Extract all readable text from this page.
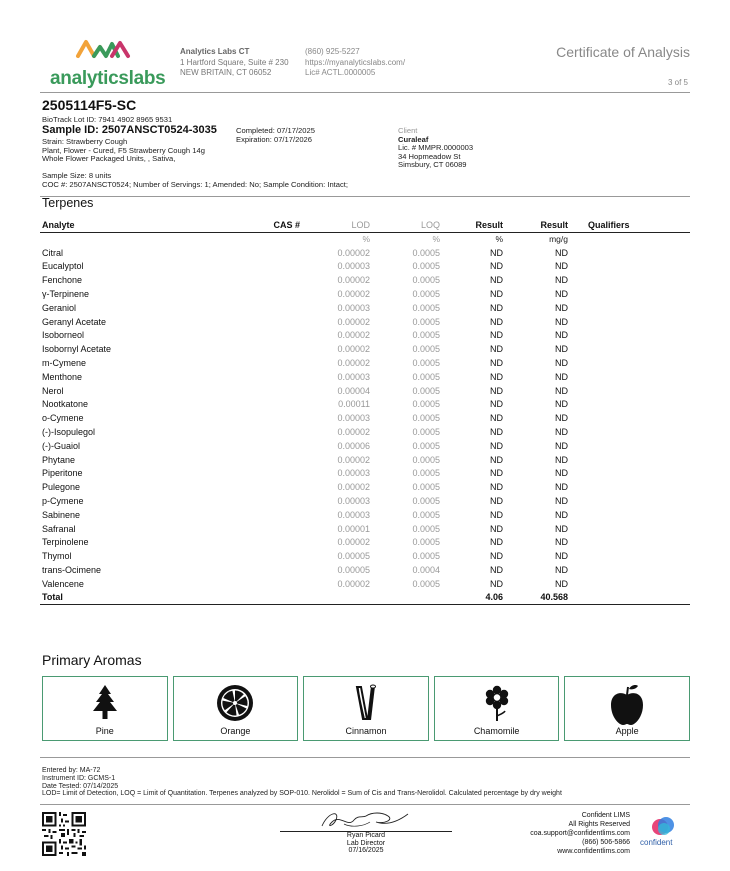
analyticslabs
Analytics Labs CT
1 Hartford Square, Suite # 230
NEW BRITAIN, CT 06052
(860) 925-5227
https://myanalyticslabs.com/
Lic# ACTL.0000005
Certificate of Analysis
3 of 5
2505114F5-SC
BioTrack Lot ID: 7941 4902 8965 9531
Sample ID: 2507ANSCT0524-3035
Strain: Strawberry Cough
Plant, Flower - Cured, F5 Strawberry Cough 14g
Whole Flower Packaged Units, , Sativa,
Completed: 07/17/2025
Expiration: 07/17/2026
Client
Curaleaf
Lic. # MMPR.0000003
34 Hopmeadow St
Simsbury, CT 06089
Sample Size: 8 units
COC #: 2507ANSCT0524; Number of Servings: 1; Amended: No; Sample Condition: Intact;
Terpenes
Analyte	CAS #	LOD	LOQ	Result	Result	Qualifiers
		%	%	%	mg/g	
Citral		0.00002	0.0005	ND	ND	
Eucalyptol		0.00003	0.0005	ND	ND	
Fenchone		0.00002	0.0005	ND	ND	
γ-Terpinene		0.00002	0.0005	ND	ND	
Geraniol		0.00003	0.0005	ND	ND	
Geranyl Acetate		0.00002	0.0005	ND	ND	
Isoborneol		0.00002	0.0005	ND	ND	
Isobornyl Acetate		0.00002	0.0005	ND	ND	
m-Cymene		0.00002	0.0005	ND	ND	
Menthone		0.00003	0.0005	ND	ND	
Nerol		0.00004	0.0005	ND	ND	
Nootkatone		0.00011	0.0005	ND	ND	
o-Cymene		0.00003	0.0005	ND	ND	
(-)-Isopulegol		0.00002	0.0005	ND	ND	
(-)-Guaiol		0.00006	0.0005	ND	ND	
Phytane		0.00002	0.0005	ND	ND	
Piperitone		0.00003	0.0005	ND	ND	
Pulegone		0.00002	0.0005	ND	ND	
p-Cymene		0.00003	0.0005	ND	ND	
Sabinene		0.00003	0.0005	ND	ND	
Safranal		0.00001	0.0005	ND	ND	
Terpinolene		0.00002	0.0005	ND	ND	
Thymol		0.00005	0.0005	ND	ND	
trans-Ocimene		0.00005	0.0004	ND	ND	
Valencene		0.00002	0.0005	ND	ND	
Total				4.06	40.568	
Primary Aromas
Pine	Orange	Cinnamon	Chamomile	Apple
Entered by: MA-72
Instrument ID: GCMS-1
Date Tested: 07/14/2025
LOD= Limit of Detection, LOQ = Limit of Quantitation. Terpenes analyzed by SOP-010. Nerolidol = Sum of Cis and Trans-Nerolidol. Calculated percentage by dry weight
Ryan Picard
Lab Director
07/16/2025
Confident LIMS
All Rights Reserved
coa.support@confidentlims.com
(866) 506-5866
www.confidentlims.com
confident
